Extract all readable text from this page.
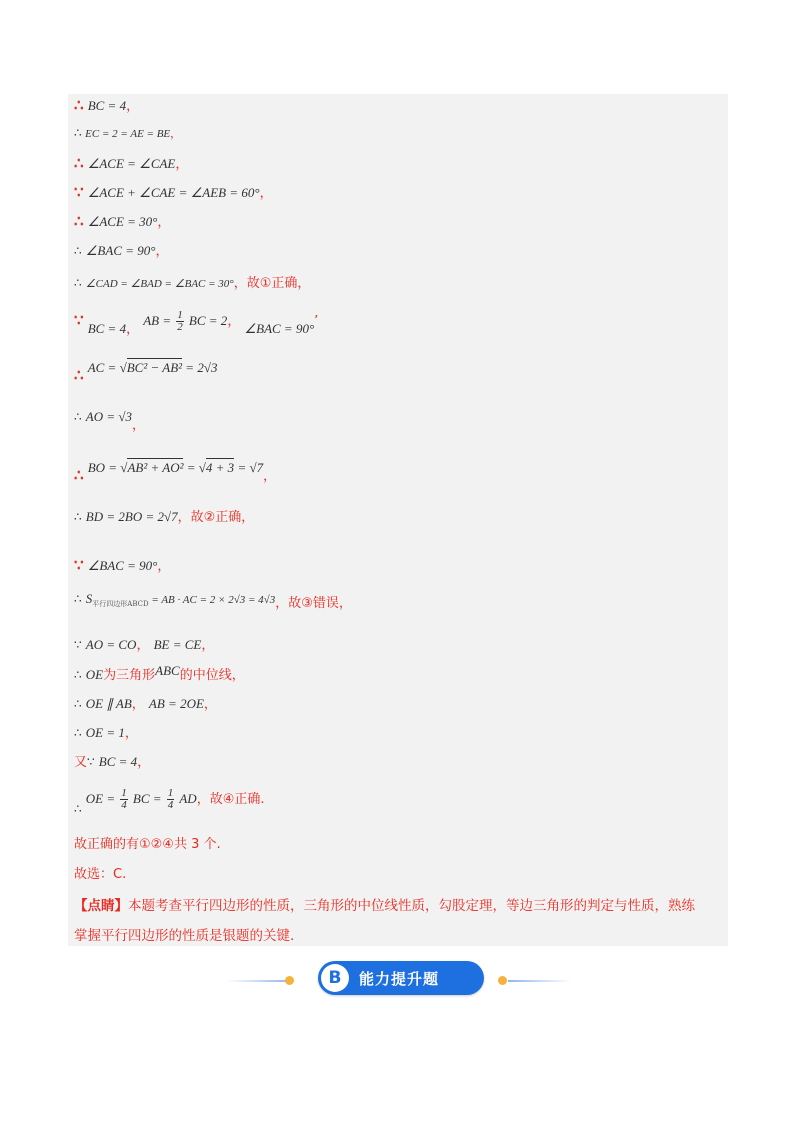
∴ BC = 4，
∴ EC = 2 = AE = BE，
∴ ∠ACE = ∠CAE，
∵ ∠ACE + ∠CAE = ∠AEB = 60°，
∴ ∠ACE = 30°，
∴ ∠BAC = 90°，
∴ ∠CAD = ∠BAD = ∠BAC = 30°，故①正确，
∵ BC = 4， AB = $\frac{1}{2}$ BC = 2， ∠BAC = 90°’
∴ AC = √BC² − AB² = 2√3
∴ AO = √3，
∴ BO = √AB² + AO² = √4 + 3 = √7，
∴ BD = 2BO = 2√7，故②正确，
∵ ∠BAC = 90°，
∴ $S_{平行四边形ABCD}$ = AB · AC = 2 × 2√3 = 4√3，故③错误，
∵ AO = CO， BE = CE，
∴ OE为三角形ABC的中位线，
∴ OE ∥ AB， AB = 2OE，
∴ OE = 1，
又∵ BC = 4，
∴ OE = $\frac{1}{4}$ BC = $\frac{1}{4}$ AD，故④正确.
故正确的有①②④共 3 个.
故选：C.
【点睛】本题考查平行四边形的性质，三角形的中位线性质，勾股定理，等边三角形的判定与性质，熟练
掌握平行四边形的性质是银题的关键.
B	能力提升题
